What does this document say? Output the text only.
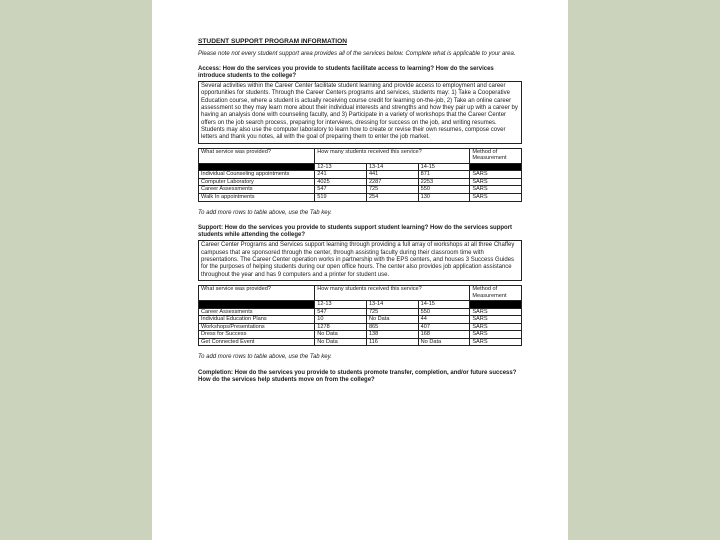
STUDENT SUPPORT PROGRAM INFORMATION
Please note not every student support area provides all of the services below. Complete what is applicable to your area.
Access: How do the services you provide to students facilitate access to learning? How do the services introduce students to the college?
Several activities within the Career Center facilitate student learning and provide access to employment and career opportunities for students. Through the Career Centers programs and services, students may: 1) Take a Cooperative Education course, where a student is actually receiving course credit for learning on-the-job, 2) Take an online career assessment so they may learn more about their individual interests and strengths and how they pair up with a career by having an analysis done with counseling faculty, and 3) Participate in a variety of workshops that the Career Center offers on the job search process, preparing for interviews, dressing for success on the job, and writing resumes. Students may also use the computer laboratory to learn how to create or revise their own resumes, compose cover letters and thank you notes, all with the goal of preparing them to enter the job market.
What service was provided?	How many students received this service?			Method of Measurement
	12-13	13-14	14-15	
Individual Counseling appointments	241	441	871	SARS
Computer Laboratory	4025	2287	2253	SARS
Career Assessments	547	725	550	SARS
Walk In appointments	519	254	130	SARS
To add more rows to table above, use the Tab key.
Support: How do the services you provide to students support student learning? How do the services support students while attending the college?
Career Center Programs and Services support learning through providing a full array of workshops at all three Chaffey campuses that are sponsored through the center, through assisting faculty during their classroom time with presentations. The Career Center operation works in partnership with the EPS centers, and houses 3 Success Guides for the purposes of helping students during our open office hours. The center also provides job application assistance throughout the year and has 9 computers and a printer for student use.
What service was provided?	How many students received this service?			Method of Measurement
	12-13	13-14	14-15	
Career Assessments	547	725	550	SARS
Individual Education Plans	10	No Data	44	SARS
Workshops/Presentations	1278	865	407	SARS
Dress for Success	No Data	138	168	SARS
Get Connected Event	No Data	116	No Data	SARS
To add more rows to table above, use the Tab key.
Completion: How do the services you provide to students promote transfer, completion, and/or future success? How do the services help students move on from the college?
